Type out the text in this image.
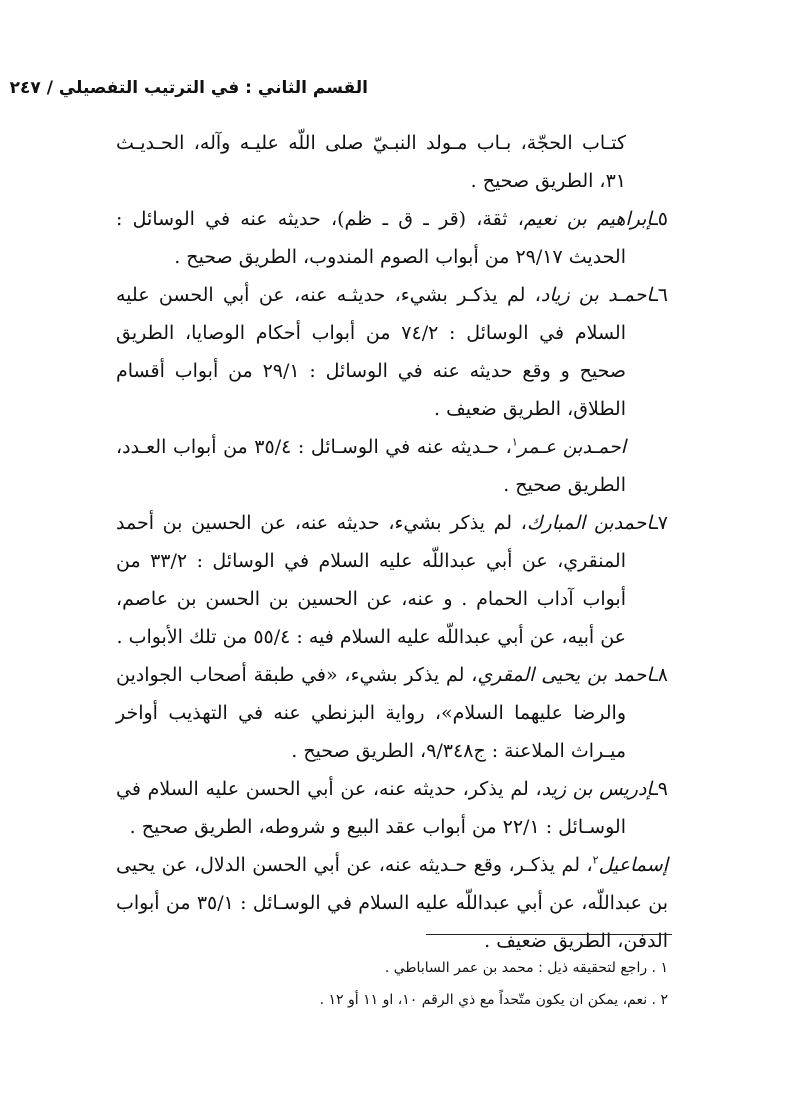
القسم الثاني : في الترتيب التفصيلي / ٢٤٧

كتـاب الحجّة، بـاب مـولد النبـيّ صلى اللّه عليـه وآله، الحـديـث ٣١، الطريق صحيح .

٥ـإبراهيم بن نعيم، ثقة، (قر ـ ق ـ ظم)، حديثه عنه في الوسائل : الحديث ٢٩/١٧ من أبواب الصوم المندوب، الطريق صحيح .

٦ـاحمـد بن زياد، لم يذكـر بشيء، حديثـه عنه، عن أبي الحسن عليه السلام في الوسائل : ٧٤/٢ من أبواب أحكام الوصايا، الطريق صحيح و وقع حديثه عنه في الوسائل : ٢٩/١ من أبواب أقسام الطلاق، الطريق ضعيف .

احمـدبن عـمر$^١$، حـديثه عنه في الوسـائل : ٣٥/٤ من أبواب العـدد، الطريق صحيح .

٧ـاحمدبن المبارك، لم يذكر بشيء، حديثه عنه، عن الحسين بن أحمد المنقري، عن أبي عبداللّه عليه السلام في الوسائل : ٣٣/٢ من أبواب آداب الحمام . و عنه، عن الحسين بن الحسن بن عاصم، عن أبيه، عن أبي عبداللّه عليه السلام فيه : ٥٥/٤ من تلك الأبواب .

٨ـاحمد بن يحيى المقري، لم يذكر بشيء، «في طبقة أصحاب الجوادين والرضا عليهما السلام»، رواية البزنطي عنه في التهذيب أواخر ميـراث الملاعنة : ج٩/٣٤٨، الطريق صحيح .

٩ـإدريس بن زيد، لم يذكر، حديثه عنه، عن أبي الحسن عليه السلام في الوسـائل : ٢٢/١ من أبواب عقد البيع و شروطه، الطريق صحيح .

إسماعيل$^٢$، لم يذكـر، وقع حـديثه عنه، عن أبي الحسن الدلال، عن يحيى بن عبداللّه، عن أبي عبداللّه عليه السلام في الوسـائل : ٣٥/١ من أبواب الدفن، الطريق ضعيف .

١ . راجع لتحقيقه ذيل : محمد بن عمر الساباطي .

٢ . نعم، يمكن ان يكون متّحداً مع ذي الرقم ١٠، او ١١ أو ١٢ .
